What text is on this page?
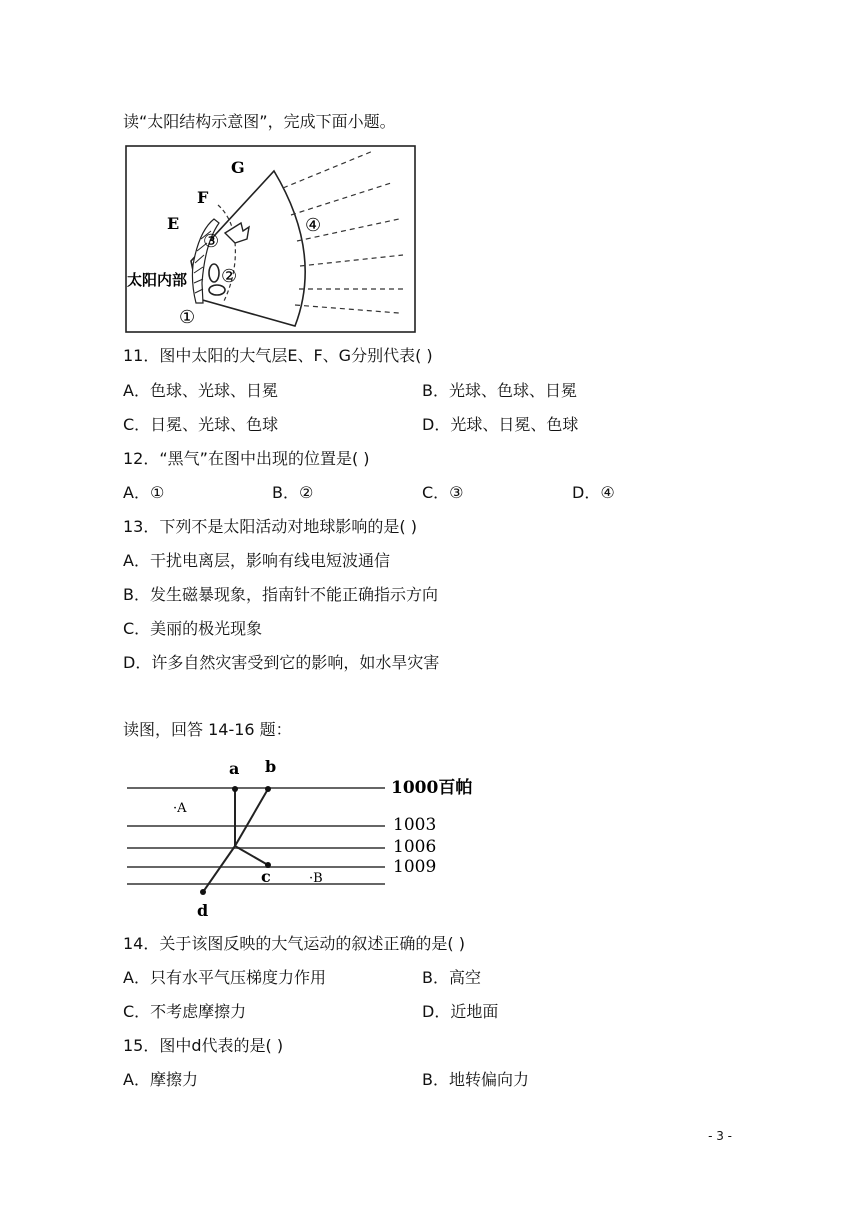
读“太阳结构示意图”，完成下面小题。
G
F
E
太阳内部
①
②
③
④
11．图中太阳的大气层E、F、G分别代表( )
A．色球、光球、日冕	B．光球、色球、日冕
C．日冕、光球、色球	D．光球、日冕、色球
12．“黑气”在图中出现的位置是( )
A．①	B．②	C．③	D．④
13．下列不是太阳活动对地球影响的是( )
A．干扰电离层，影响有线电短波通信
B．发生磁暴现象，指南针不能正确指示方向
C．美丽的极光现象
D．许多自然灾害受到它的影响，如水旱灾害
读图，回答 14-16 题：
a b
c
d
·A
·B
1000百帕
1003
1006
1009
14．关于该图反映的大气运动的叙述正确的是( )
A．只有水平气压梯度力作用	B．高空
C．不考虑摩擦力	D．近地面
15．图中d代表的是( )
A．摩擦力	B．地转偏向力
- 3 -
